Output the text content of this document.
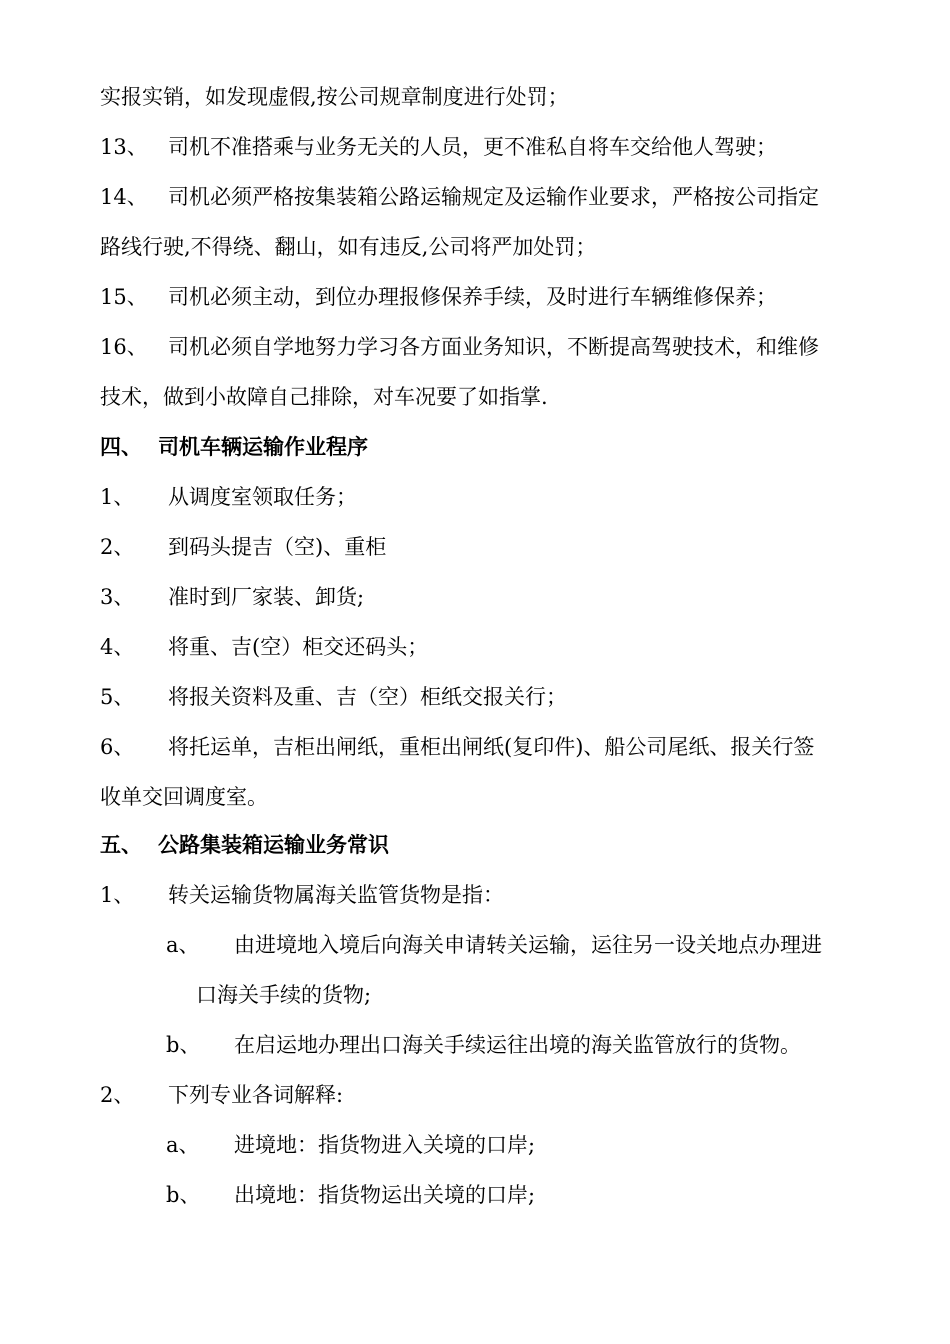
实报实销，如发现虚假,按公司规章制度进行处罚；
13、 司机不准搭乘与业务无关的人员，更不准私自将车交给他人驾驶；
14、 司机必须严格按集装箱公路运输规定及运输作业要求，严格按公司指定
路线行驶,不得绕、翻山，如有违反,公司将严加处罚；
15、 司机必须主动，到位办理报修保养手续，及时进行车辆维修保养；
16、 司机必须自学地努力学习各方面业务知识，不断提高驾驶技术，和维修
技术，做到小故障自己排除，对车况要了如指掌.
四、 司机车辆运输作业程序
1、 从调度室领取任务；
2、 到码头提吉（空)、重柜
3、 准时到厂家装、卸货;
4、 将重、吉(空）柜交还码头；
5、 将报关资料及重、吉（空）柜纸交报关行；
6、 将托运单，吉柜出闸纸，重柜出闸纸(复印件)、船公司尾纸、报关行签
收单交回调度室。
五、 公路集装箱运输业务常识
1、 转关运输货物属海关监管货物是指：
a、 由进境地入境后向海关申请转关运输，运往另一设关地点办理进
口海关手续的货物;
b、 在启运地办理出口海关手续运往出境的海关监管放行的货物。
2、 下列专业各词解释:
a、 进境地：指货物进入关境的口岸;
b、 出境地：指货物运出关境的口岸;
